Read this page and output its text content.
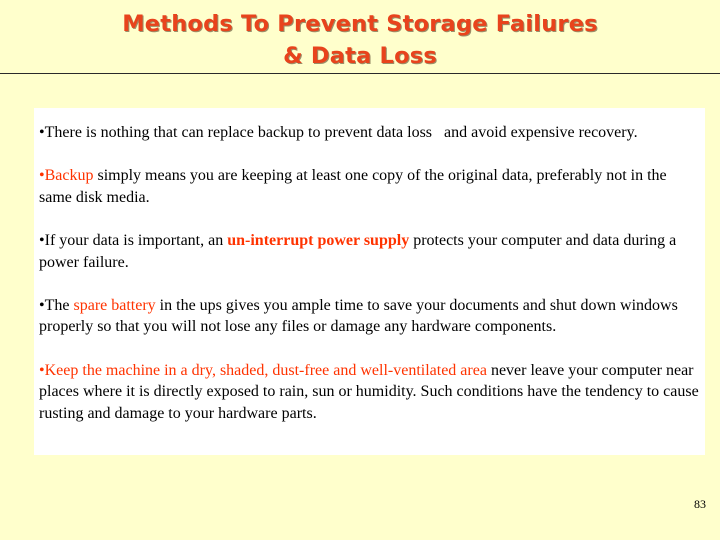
Methods To Prevent Storage Failures
& Data Loss

•There is nothing that can replace backup to prevent data loss   and avoid expensive recovery.

•Backup simply means you are keeping at least one copy of the original data, preferably not in the same disk media.

•If your data is important, an un-interrupt power supply protects your computer and data during a power failure.

•The spare battery in the ups gives you ample time to save your documents and shut down windows properly so that you will not lose any files or damage any hardware components.

•Keep the machine in a dry, shaded, dust-free and well-ventilated area never leave your computer near places where it is directly exposed to rain, sun or humidity. Such conditions have the tendency to cause rusting and damage to your hardware parts.

83
